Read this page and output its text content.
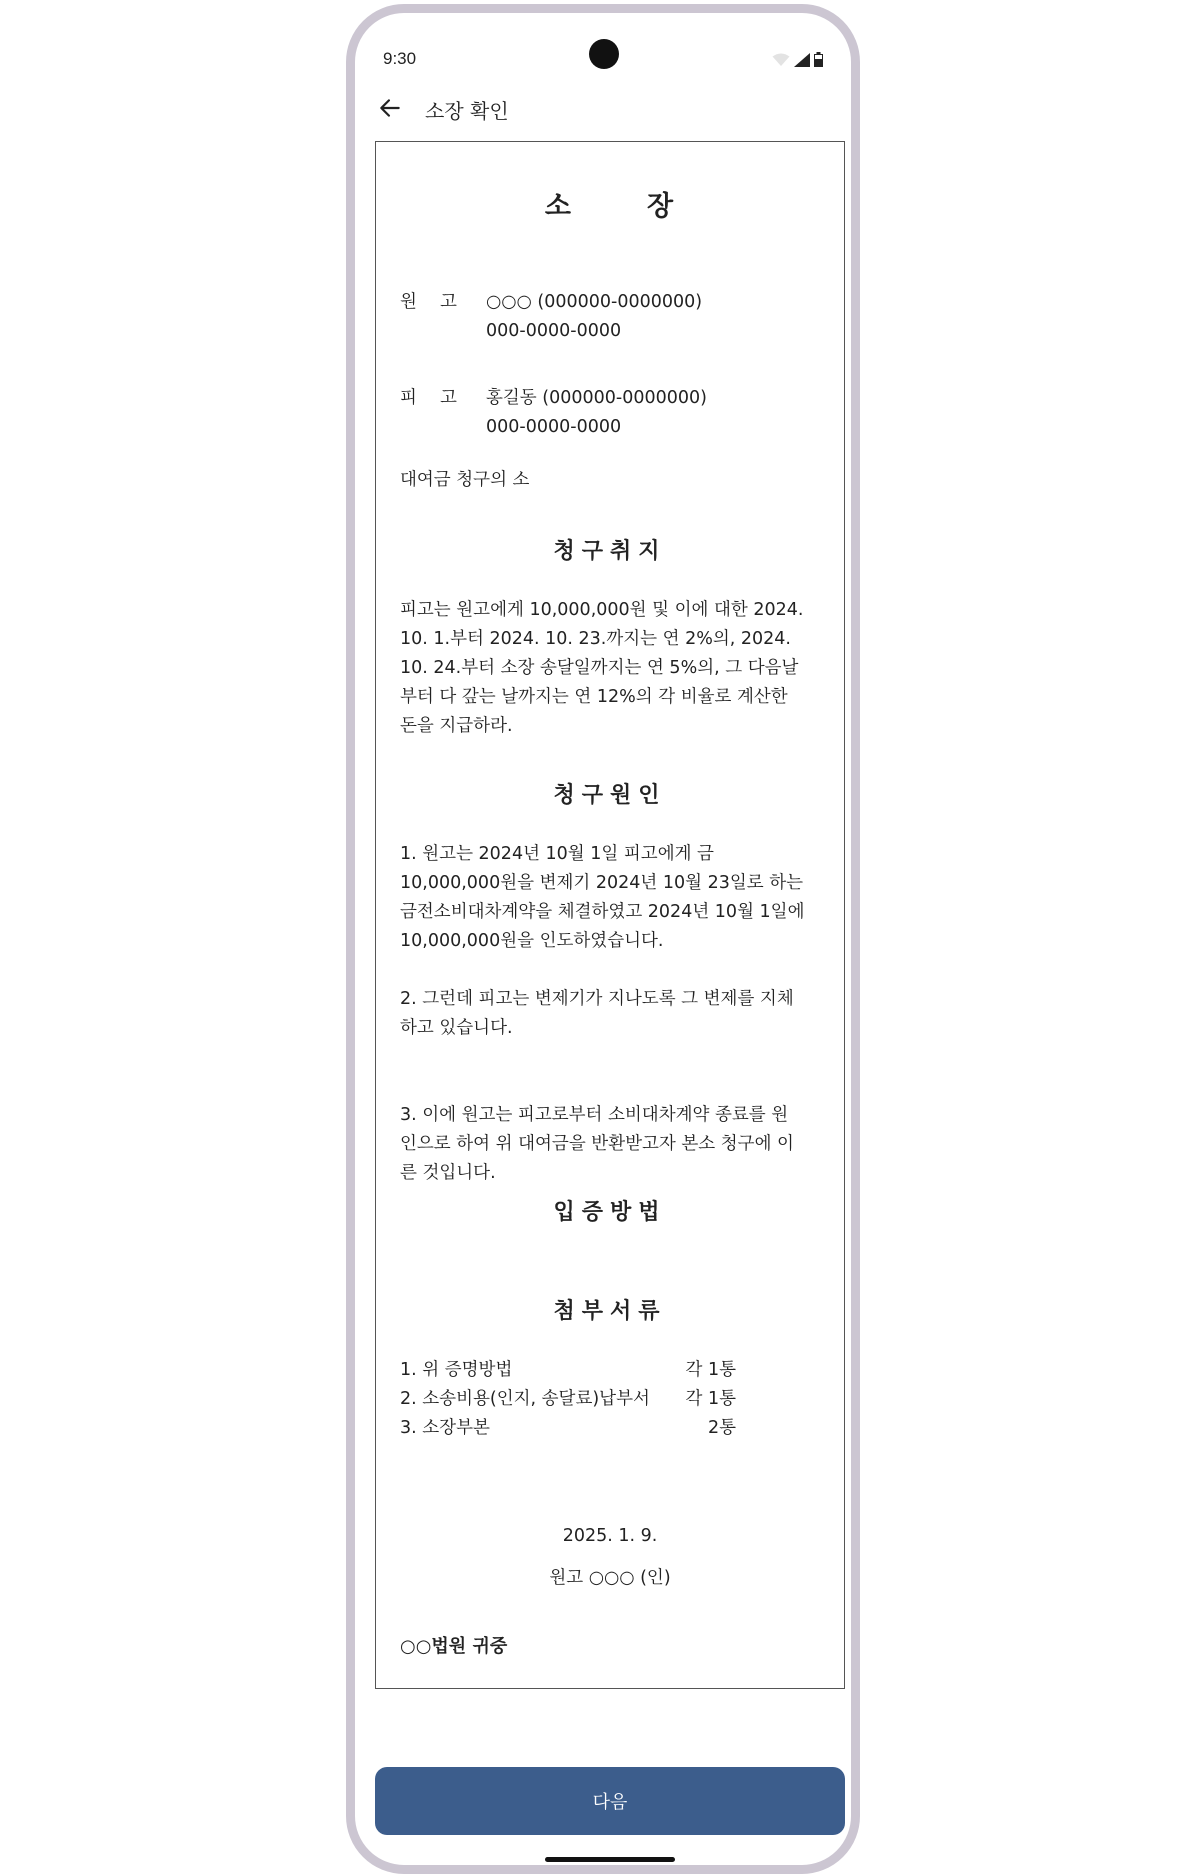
9:30
소장 확인
소	장
원 고 ○○○ (000000-0000000)
000-0000-0000
피 고 홍길동 (000000-0000000)
000-0000-0000
대여금 청구의 소
청구취지
피고는 원고에게 10,000,000원 및 이에 대한 2024.
10. 1.부터 2024. 10. 23.까지는 연 2%의, 2024.
10. 24.부터 소장 송달일까지는 연 5%의, 그 다음날
부터 다 갚는 날까지는 연 12%의 각 비율로 계산한
돈을 지급하라.
청구원인
1. 원고는 2024년 10월 1일 피고에게 금
10,000,000원을 변제기 2024년 10월 23일로 하는
금전소비대차계약을 체결하였고 2024년 10월 1일에
10,000,000원을 인도하였습니다.
2. 그런데 피고는 변제기가 지나도록 그 변제를 지체
하고 있습니다.
3. 이에 원고는 피고로부터 소비대차계약 종료를 원
인으로 하여 위 대여금을 반환받고자 본소 청구에 이
른 것입니다.
입증방법
첨부서류
1. 위 증명방법	각 1통
2. 소송비용(인지, 송달료)납부서 각 1통
3. 소장부본	2통
2025. 1. 9.
원고 ○○○ (인)
○○법원 귀중
다음
